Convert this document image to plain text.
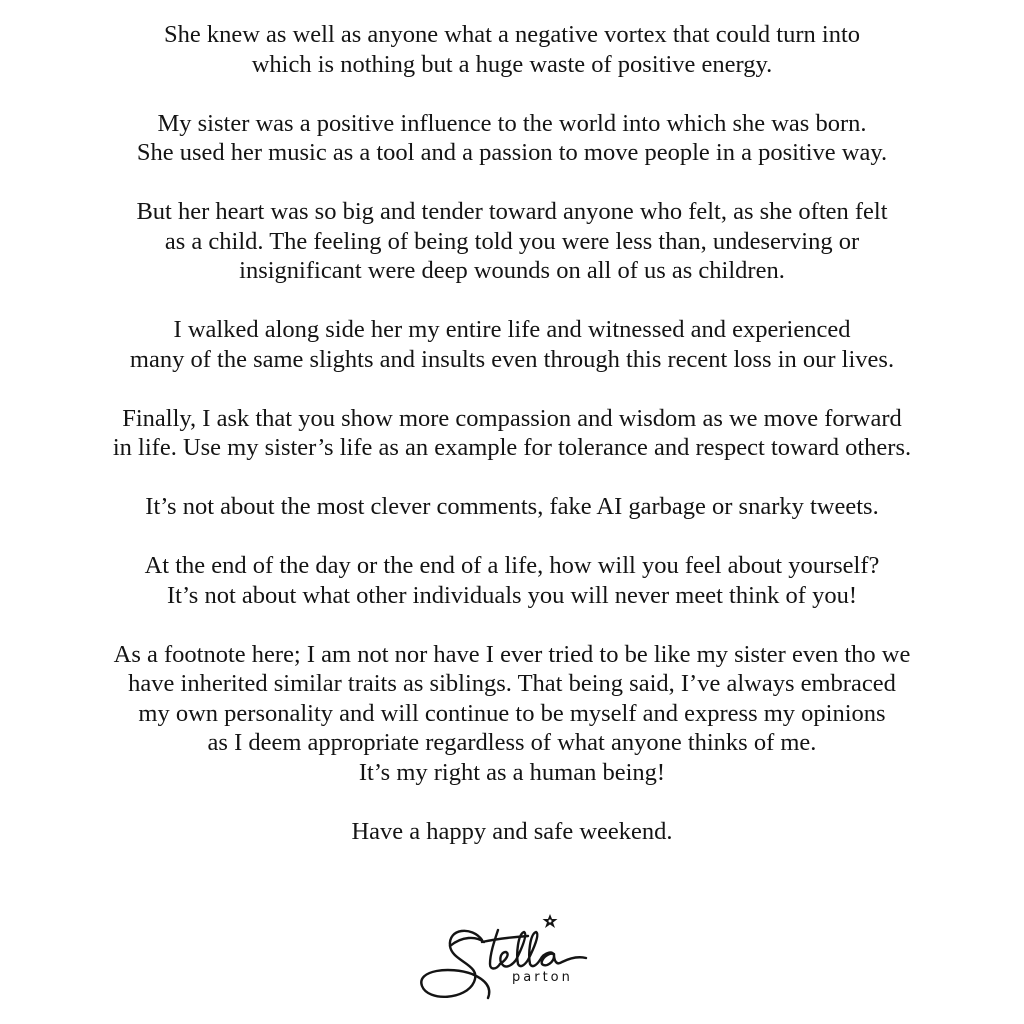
She knew as well as anyone what a negative vortex that could turn into
which is nothing but a huge waste of positive energy.

My sister was a positive influence to the world into which she was born.
She used her music as a tool and a passion to move people in a positive way.

But her heart was so big and tender toward anyone who felt, as she often felt
as a child. The feeling of being told you were less than, undeserving or
insignificant were deep wounds on all of us as children.

I walked along side her my entire life and witnessed and experienced
many of the same slights and insults even through this recent loss in our lives.

Finally, I ask that you show more compassion and wisdom as we move forward
in life. Use my sister’s life as an example for tolerance and respect toward others.

It’s not about the most clever comments, fake AI garbage or snarky tweets.

At the end of the day or the end of a life, how will you feel about yourself?
It’s not about what other individuals you will never meet think of you!

As a footnote here; I am not nor have I ever tried to be like my sister even tho we
have inherited similar traits as siblings. That being said, I’ve always embraced
my own personality and will continue to be myself and express my opinions
as I deem appropriate regardless of what anyone thinks of me.
It’s my right as a human being!

Have a happy and safe weekend.

parton
